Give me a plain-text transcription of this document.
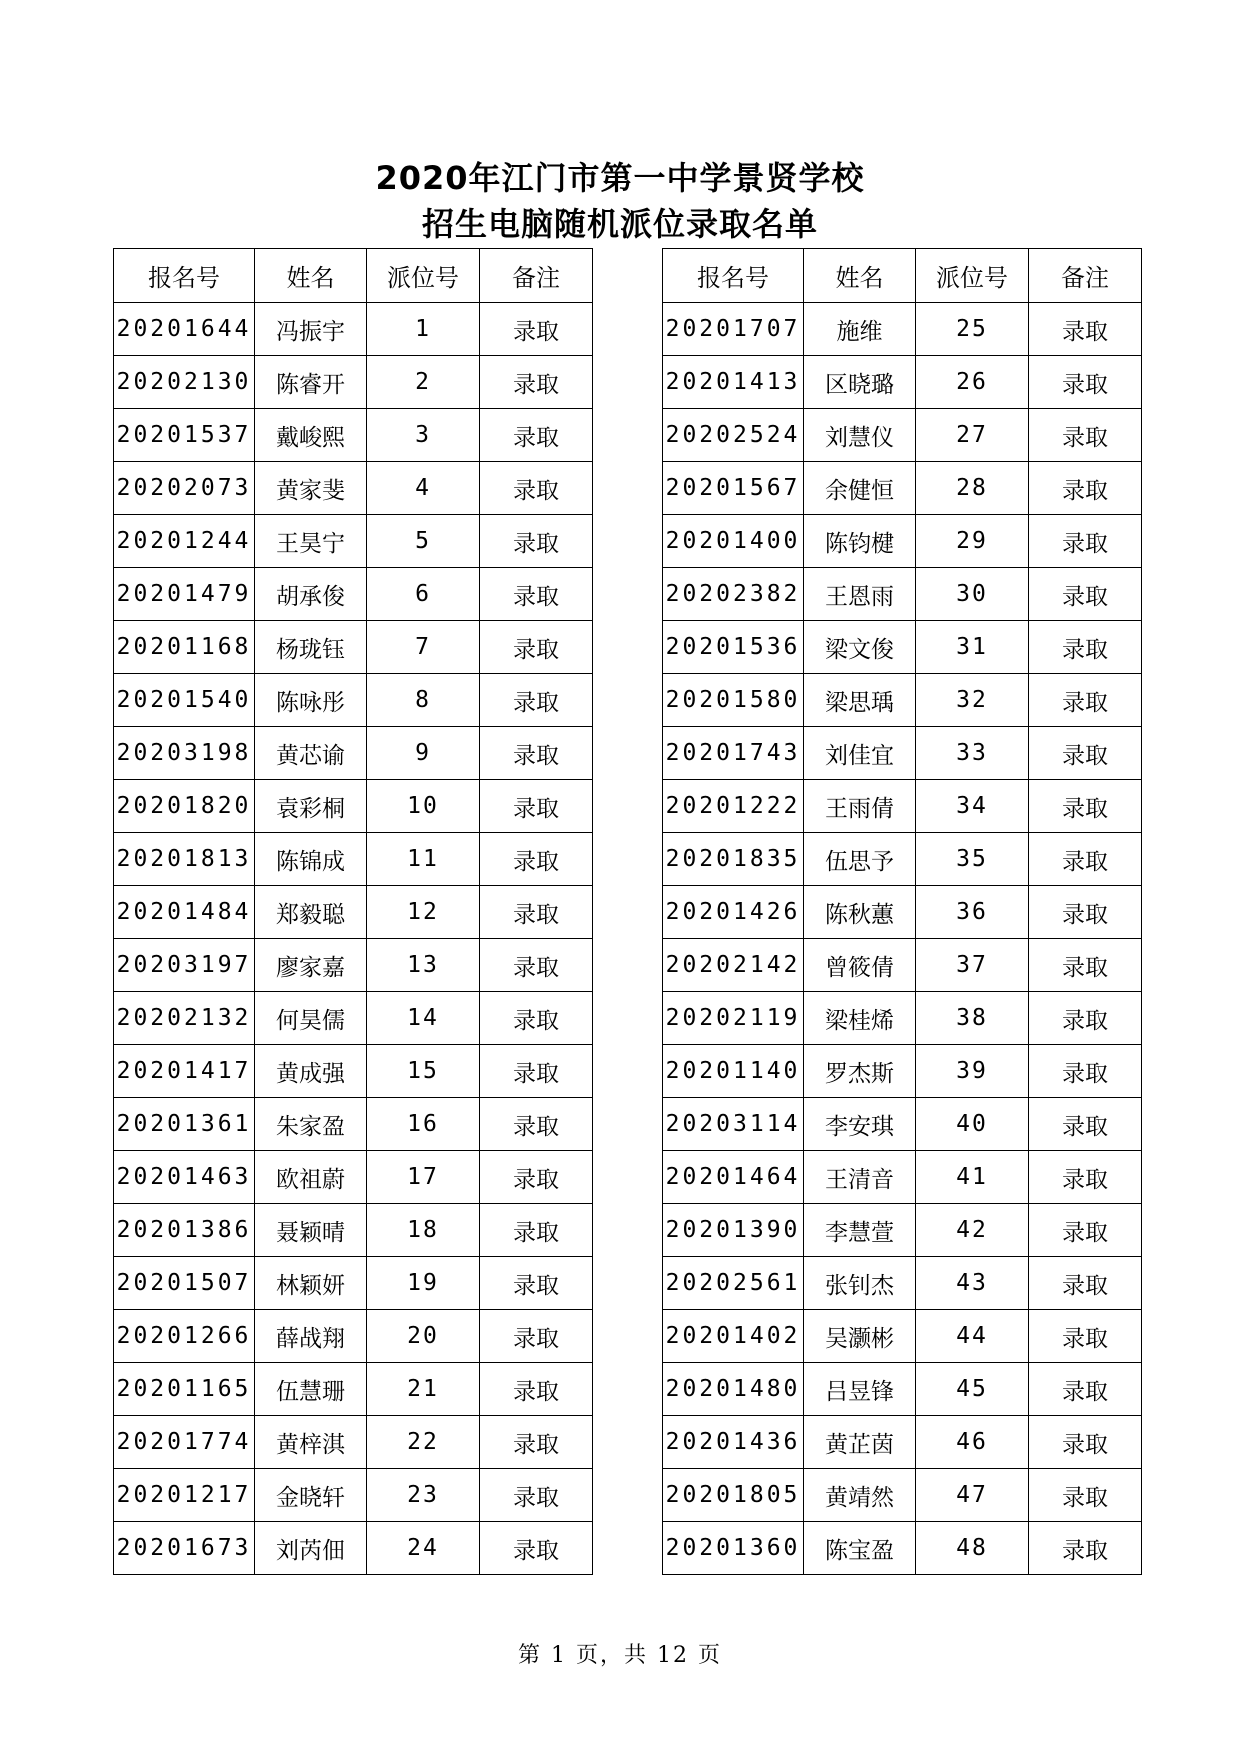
2020年江门市第一中学景贤学校
招生电脑随机派位录取名单
报名号	姓名	派位号	备注
20201644	冯振宇	1	录取
20202130	陈睿开	2	录取
20201537	戴峻熙	3	录取
20202073	黄家斐	4	录取
20201244	王昊宁	5	录取
20201479	胡承俊	6	录取
20201168	杨珑钰	7	录取
20201540	陈咏彤	8	录取
20203198	黄芯谕	9	录取
20201820	袁彩桐	10	录取
20201813	陈锦成	11	录取
20201484	郑毅聪	12	录取
20203197	廖家嘉	13	录取
20202132	何昊儒	14	录取
20201417	黄成强	15	录取
20201361	朱家盈	16	录取
20201463	欧祖蔚	17	录取
20201386	聂颖晴	18	录取
20201507	林颖妍	19	录取
20201266	薛战翔	20	录取
20201165	伍慧珊	21	录取
20201774	黄梓淇	22	录取
20201217	金晓轩	23	录取
20201673	刘芮佃	24	录取
报名号	姓名	派位号	备注
20201707	施维	25	录取
20201413	区晓璐	26	录取
20202524	刘慧仪	27	录取
20201567	余健恒	28	录取
20201400	陈钧楗	29	录取
20202382	王恩雨	30	录取
20201536	梁文俊	31	录取
20201580	梁思瑀	32	录取
20201743	刘佳宜	33	录取
20201222	王雨倩	34	录取
20201835	伍思予	35	录取
20201426	陈秋蕙	36	录取
20202142	曾筱倩	37	录取
20202119	梁桂烯	38	录取
20201140	罗杰斯	39	录取
20203114	李安琪	40	录取
20201464	王清音	41	录取
20201390	李慧萱	42	录取
20202561	张钊杰	43	录取
20201402	吴灏彬	44	录取
20201480	吕昱锋	45	录取
20201436	黄芷茵	46	录取
20201805	黄靖然	47	录取
20201360	陈宝盈	48	录取
第 1 页，共 12 页
